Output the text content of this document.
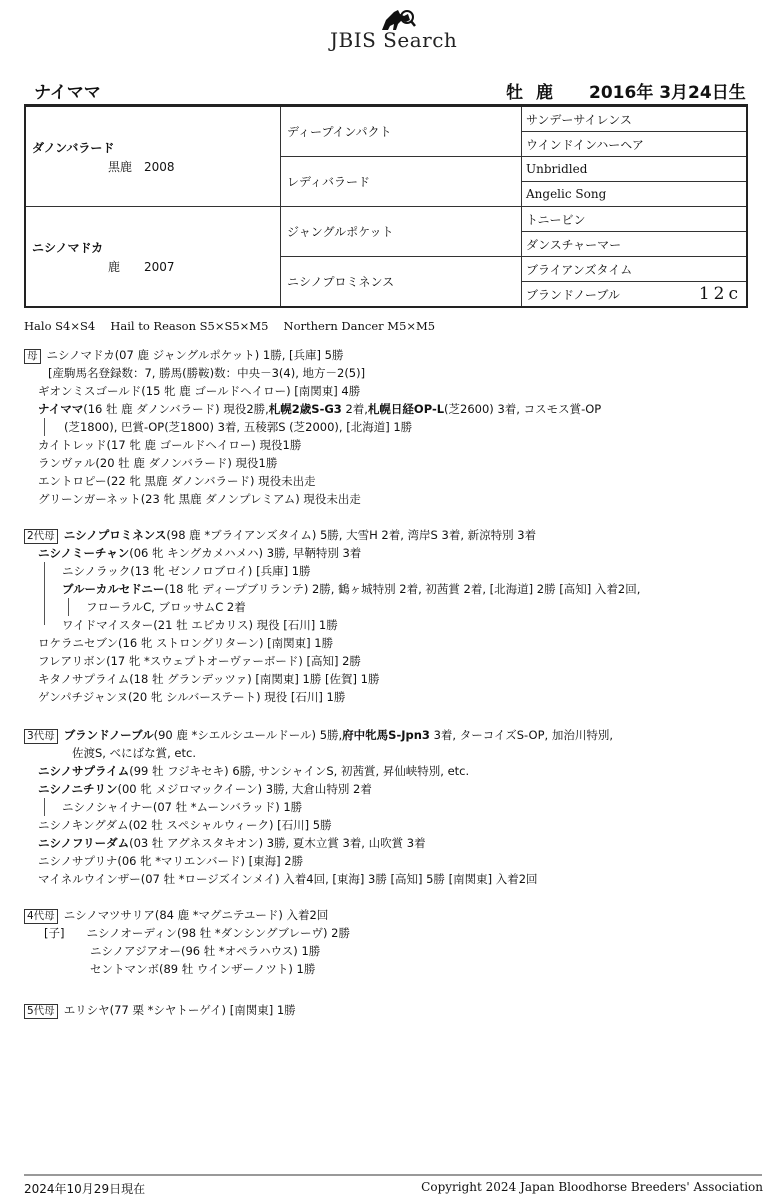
JBIS Search
ナイママ	牡 鹿 2016年 3月24日生
ダノンバラード
黒鹿　2008	ディープインパクト	サンデーサイレンス
		ウインドインハーヘア
	レディバラード	Unbridled
		Angelic Song

ニシノマドカ
鹿　　2007	ジャングルポケット	トニービン
		ダンスチャーマー
	ニシノプロミネンス	ブライアンズタイム
		ブランドノーブル 12c
Halo S4×S4　 Hail to Reason S5×S5×M5　 Northern Dancer M5×M5
母 ニシノマドカ(07 鹿 ジャングルポケット) 1勝, [兵庫] 5勝
[産駒馬名登録数：7, 勝馬(勝鞍)数：中央－3(4), 地方－2(5)]
ギオンミスゴールド(15 牝 鹿 ゴールドヘイロー) [南関東] 4勝
ナイママ(16 牡 鹿 ダノンバラード) 現役2勝,札幌2歳S-G3 2着,札幌日経OP-L(芝2600) 3着, コスモス賞-OP
(芝1800), 巴賞-OP(芝1800) 3着, 五稜郭S (芝2000), [北海道] 1勝
カイトレッド(17 牝 鹿 ゴールドヘイロー) 現役1勝
ランヴァル(20 牡 鹿 ダノンバラード) 現役1勝
エントロピー(22 牝 黒鹿 ダノンバラード) 現役未出走
グリーンガーネット(23 牝 黒鹿 ダノンプレミアム) 現役未出走
2代母 ニシノプロミネンス(98 鹿 *ブライアンズタイム) 5勝, 大雪H 2着, 湾岸S 3着, 新涼特別 3着
ニシノミーチャン(06 牝 キングカメハメハ) 3勝, 早鞆特別 3着
ニシノラック(13 牝 ゼンノロブロイ) [兵庫] 1勝
ブルーカルセドニー(18 牝 ディープブリランテ) 2勝, 鶴ヶ城特別 2着, 初茜賞 2着, [北海道] 2勝 [高知] 入着2回,
フローラルC, ブロッサムC 2着
ワイドマイスター(21 牡 エピカリス) 現役 [石川] 1勝
ロケラニセブン(16 牝 ストロングリターン) [南関東] 1勝
フレアリボン(17 牝 *スウェプトオーヴァーボード) [高知] 2勝
キタノサプライム(18 牡 グランデッツァ) [南関東] 1勝 [佐賀] 1勝
ゲンパチジャンヌ(20 牝 シルバーステート) 現役 [石川] 1勝
3代母 ブランドノーブル(90 鹿 *シエルシユールドール) 5勝,府中牝馬S-Jpn3 3着, ターコイズS-OP, 加治川特別,
佐渡S, べにばな賞, etc.
ニシノサプライム(99 牡 フジキセキ) 6勝, サンシャインS, 初茜賞, 昇仙峡特別, etc.
ニシノニチリン(00 牝 メジロマックイーン) 3勝, 大倉山特別 2着
ニシノシャイナー(07 牡 *ムーンバラッド) 1勝
ニシノキングダム(02 牡 スペシャルウィーク) [石川] 5勝
ニシノフリーダム(03 牡 アグネスタキオン) 3勝, 夏木立賞 3着, 山吹賞 3着
ニシノサプリナ(06 牝 *マリエンバード) [東海] 2勝
マイネルウインザー(07 牡 *ロージズインメイ) 入着4回, [東海] 3勝 [高知] 5勝 [南関東] 入着2回
4代母 ニシノマツサリア(84 鹿 *マグニテユード) 入着2回
[子] ニシノオーディン(98 牡 *ダンシングブレーヴ) 2勝
ニシノアジアオー(96 牡 *オペラハウス) 1勝
セントマンボ(89 牡 ウインザーノツト) 1勝
5代母 エリシヤ(77 栗 *シヤトーゲイ) [南関東] 1勝
2024年10月29日現在	Copyright 2024 Japan Bloodhorse Breeders' Association
